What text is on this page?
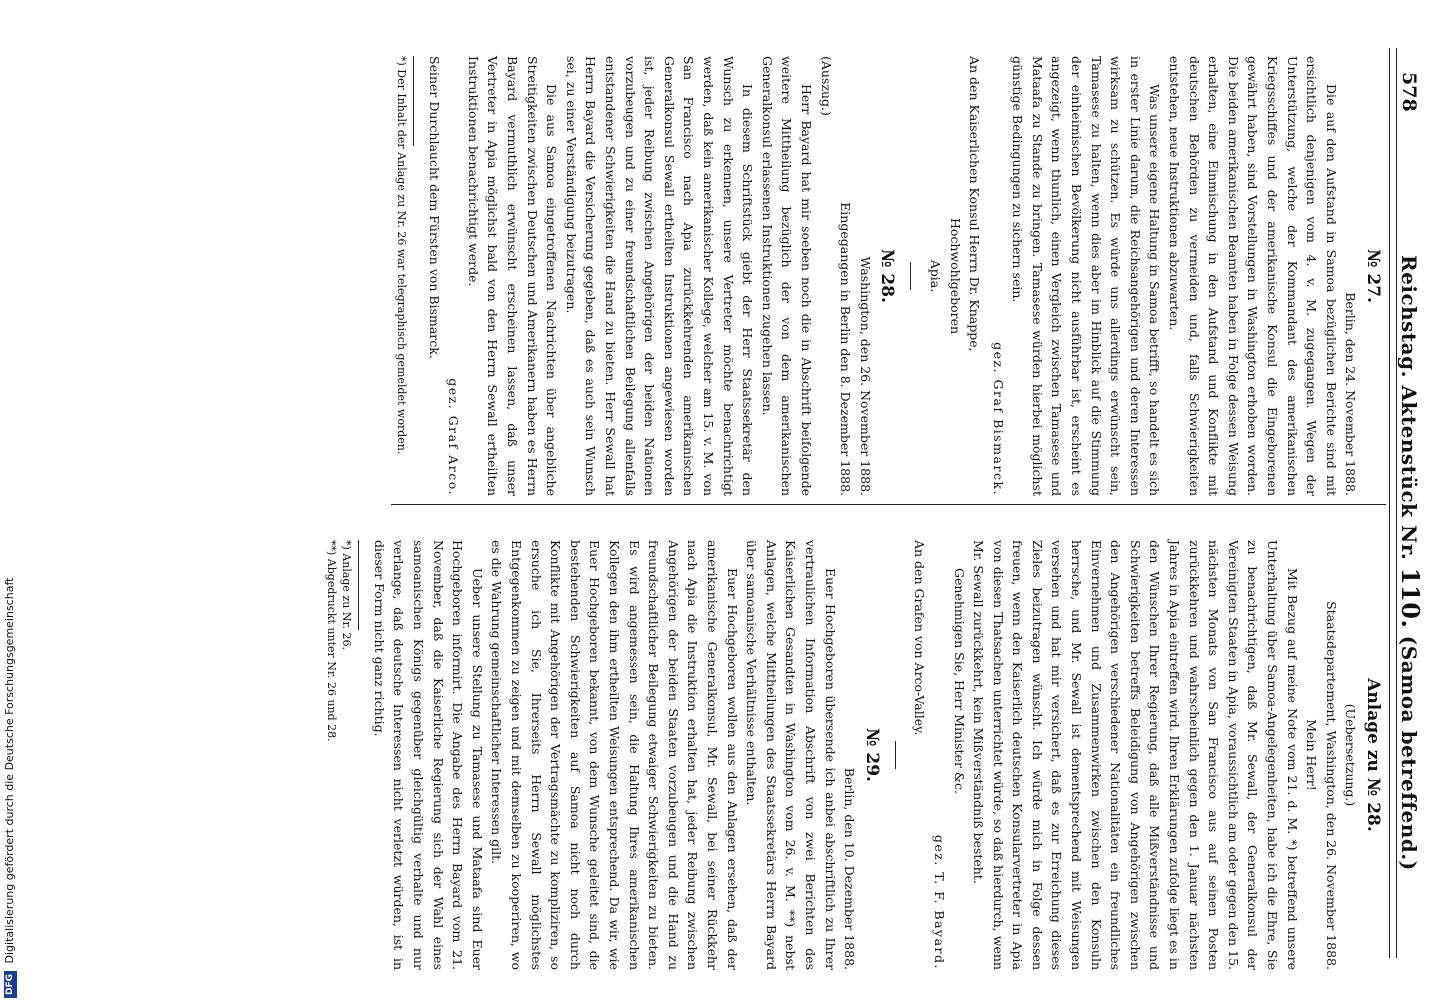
578
Reichstag. Aktenstück Nr. 110. (Samoa betreffend.)
№ 27.

Berlin, den 24. November 1888.

Die auf den Aufstand in Samoa bezüglichen Berichte sind mit ersichtlich denjenigen vom 4. v. M. zugegangen. Wegen der Unterstützung, welche der Kommandant des amerikanischen Kriegsschiffes und der amerikanische Konsul die Eingeborenen gewährt haben, sind Vorstellungen in Washington erhoben worden. Die beiden amerikanischen Beamten haben in Folge dessen Weisung erhalten, eine Einmischung in den Aufstand und Konflikte mit deutschen Behörden zu vermeiden und, falls Schwierigkeiten entstehen, neue Instruktionen abzuwarten.

Was unsere eigene Haltung in Samoa betrifft, so handelt es sich in erster Linie darum, die Reichsangehörigen und deren Interessen wirksam zu schützen. Es würde uns allerdings erwünscht sein, Tamasese zu halten, wenn dies aber im Hinblick auf die Stimmung der einheimischen Bevölkerung nicht ausführbar ist, erscheint es angezeigt, wenn thunlich, einen Vergleich zwischen Tamasese und Mataafa zu Stande zu bringen. Tamasese würden hierbei möglichst günstige Bedingungen zu sichern sein.

gez. Graf Bismarck.

An den Kaiserlichen Konsul Herrn Dr. Knappe,

Hochwohlgeboren

Apia.

№ 28.

Washington, den 26. November 1888.

Eingegangen in Berlin den 8. Dezember 1888.

(Auszug.)

Herr Bayard hat mir soeben noch die in Abschrift beifolgende weitere Mittheilung bezüglich der von dem amerikanischen Generalkonsul erlassenen Instruktionen zugehen lassen.

In diesem Schriftstück giebt der Herr Staatssekretär den Wunsch zu erkennen, unsere Vertreter möchte benachrichtigt werden, daß kein amerikanischer Kollege, welcher am 15. v. M. von San Francisco nach Apia zurückkehrenden amerikanischen Generalkonsul Sewall ertheilten Instruktionen angewiesen worden ist, jeder Reibung zwischen Angehörigen der beiden Nationen vorzubeugen und zu einer freundschaftlichen Beilegung allenfalls entstandener Schwierigkeiten die Hand zu bieten. Herr Sewall hat Herrn Bayard die Versicherung gegeben, daß es auch sein Wunsch sei, zu einer Verständigung beizutragen.

Die aus Samoa eingetroffenen Nachrichten über angebliche Streitigkeiten zwischen Deutschen und Amerikanern haben es Herrn Bayard vermuthlich erwünscht erscheinen lassen, daß unser Vertreter in Apia möglichst bald von den Herrn Sewall ertheilten Instruktionen benachrichtigt werde.

gez. Graf Arco.

Seiner Durchlaucht dem Fürsten von Bismarck.

*) Der Inhalt der Anlage zu Nr. 26 war telegraphisch gemeldet worden.

Anlage zu № 28.

(Uebersetzung.)

Staatsdepartement, Washington, den 26. November 1888.

Mein Herr!

Mit Bezug auf meine Note vom 21. d. M. *) betreffend unsere Unterhaltung über Samoa-Angelegenheiten, habe ich die Ehre, Sie zu benachrichtigen, daß Mr. Sewall, der Generalkonsul der Vereinigten Staaten in Apia, voraussichtlich am oder gegen den 15. nächsten Monats von San Francisco aus auf seinen Posten zurückkehren und wahrscheinlich gegen den 1. Januar nächsten Jahres in Apia eintreffen wird. Ihren Erklärungen zufolge liegt es in den Wünschen Ihrer Regierung, daß alle Mißverständnisse und Schwierigkeiten betreffs Beleidigung von Angehörigen zwischen den Angehörigen verschiedener Nationalitäten ein freundliches Einvernehmen und Zusammenwirken zwischen den Konsuln herrsche, und Mr. Sewall ist dementsprechend mit Weisungen versehen und hat mir versichert, daß es zur Erreichung dieses Zieles beizutragen wünscht. Ich würde mich in Folge dessen freuen, wenn den Kaiserlich deutschen Konsularvertreter in Apia von diesen Thatsachen unterrichtet würde, so daß hierdurch, wenn Mr. Sewall zurückkehrt, kein Mißverständniß besteht.

Genehmigen Sie, Herr Minister &c.

gez. T. F. Bayard.

An den Grafen von Arco-Valley.

№ 29.

Berlin, den 10. Dezember 1888.

Euer Hochgeboren übersende ich anbei abschriftlich zu Ihrer vertraulichen Information Abschrift von zwei Berichten des Kaiserlichen Gesandten in Washington vom 26. v. M. **) nebst Anlagen, welche Mittheilungen des Staatssekretärs Herrn Bayard über samoanische Verhältnisse enthalten.

Euer Hochgeboren wollen aus den Anlagen ersehen, daß der amerikanische Generalkonsul, Mr. Sewall, bei seiner Rückkehr nach Apia die Instruktion erhalten hat, jeder Reibung zwischen Angehörigen der beiden Staaten vorzubeugen und die Hand zu freundschaftlicher Beilegung etwaiger Schwierigkeiten zu bieten. Es wird angemessen sein, die Haltung Ihres amerikanischen Kollegen den ihm ertheilten Weisungen entsprechend. Da wir, wie Euer Hochgeboren bekannt, von dem Wunsche geleitet sind, die bestehenden Schwierigkeiten auf Samoa nicht noch durch Konflikte mit Angehörigen der Vertragsmächte zu kompliziren, so ersuche ich Sie, Ihrerseits Herrn Sewall möglichstes Entgegenkommen zu zeigen und mit demselben zu kooperiren, wo es die Wahrung gemeinschaftlicher Interessen gilt.

Ueber unsere Stellung zu Tamasese und Mataafa sind Euer Hochgeboren informirt. Die Angabe des Herrn Bayard vom 21. November, daß die Kaiserliche Regierung sich der Wahl eines samoanischen Königs gegenüber gleichgültig verhalte und nur verlange, daß deutsche Interessen nicht verletzt würden, ist in dieser Form nicht ganz richtig.

*) Anlage zu Nr. 26.

**) Abgedruckt unter Nr. 26 und 28.

DFG Digitalisierung gefördert durch die Deutsche Forschungsgemeinschaft
